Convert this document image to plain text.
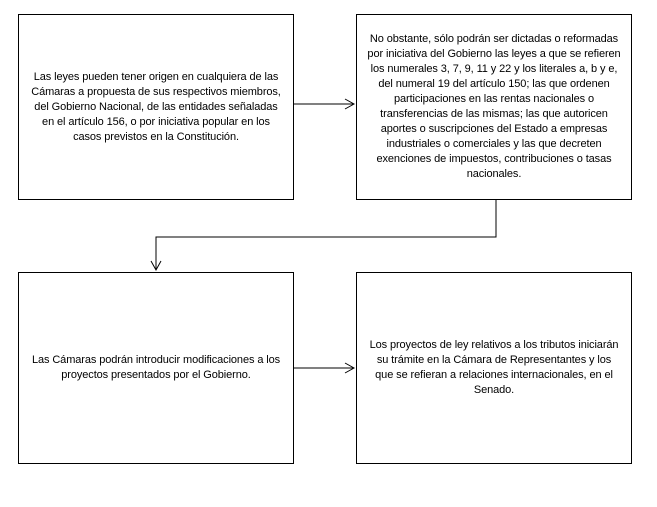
Las leyes pueden tener origen en cualquiera de las Cámaras a propuesta de sus respectivos miembros, del Gobierno Nacional, de las entidades señaladas en el artículo 156, o por iniciativa popular en los casos previstos en la Constitución.
No obstante, sólo podrán ser dictadas o reformadas por iniciativa del Gobierno las leyes a que se refieren los numerales 3, 7, 9, 11 y 22 y los literales a, b y e, del numeral 19 del artículo 150; las que ordenen participaciones en las rentas nacionales o transferencias de las mismas; las que autoricen aportes o suscripciones del Estado a empresas industriales o comerciales y las que decreten exenciones de impuestos, contribuciones o tasas nacionales.
Las Cámaras podrán introducir modificaciones a los proyectos presentados por el Gobierno.
Los proyectos de ley relativos a los tributos iniciarán su trámite en la Cámara de Representantes y los que se refieran a relaciones internacionales, en el Senado.
